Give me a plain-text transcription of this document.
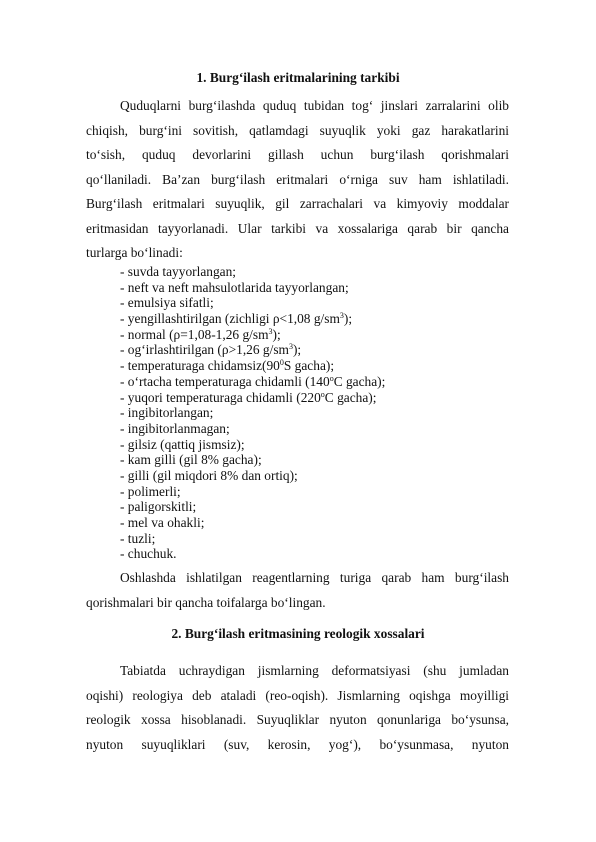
1. Burg‘ilash eritmalarining tarkibi
Quduqlarni burg‘ilashda quduq tubidan tog‘ jinslari zarralarini olib
chiqish, burg‘ini sovitish, qatlamdagi suyuqlik yoki gaz harakatlarini
to‘sish, quduq devorlarini gillash uchun burg‘ilash qorishmalari
qo‘llaniladi. Ba’zan burg‘ilash eritmalari o‘rniga suv ham ishlatiladi.
Burg‘ilash eritmalari suyuqlik, gil zarrachalari va kimyoviy moddalar
eritmasidan tayyorlanadi. Ular tarkibi va xossalariga qarab bir qancha
turlarga bo‘linadi:
- suvda tayyorlangan;
- neft va neft mahsulotlarida tayyorlangan;
- emulsiya sifatli;
- yengillashtirilgan (zichligi ρ<1,08 $g/sm^3$);
- normal (ρ=1,08-1,26 $g/sm^3$);
- og‘irlashtirilgan (ρ>1,26 $g/sm^3$);
- temperaturaga $chidamsiz(90^0S$ gacha);
- o‘rtacha temperaturaga chidamli (140$^o$C gacha);
- yuqori temperaturaga chidamli (220$^o$C gacha);
- ingibitorlangan;
- ingibitorlanmagan;
- gilsiz (qattiq jismsiz);
- kam gilli (gil 8% gacha);
- gilli (gil miqdori 8% dan ortiq);
- polimerli;
- paligorskitli;
- mel va ohakli;
- tuzli;
- chuchuk.
Oshlashda ishlatilgan reagentlarning turiga qarab ham burg‘ilash
qorishmalari bir qancha toifalarga bo‘lingan.
2. Burg‘ilash eritmasining reologik xossalari
Tabiatda uchraydigan jismlarning deformatsiyasi (shu jumladan
oqishi) reologiya deb ataladi (reo-oqish). Jismlarning oqishga moyilligi
reologik xossa hisoblanadi. Suyuqliklar nyuton qonunlariga bo‘ysunsa,
nyuton suyuqliklari (suv, kerosin, yog‘), bo‘ysunmasa, nyuton
